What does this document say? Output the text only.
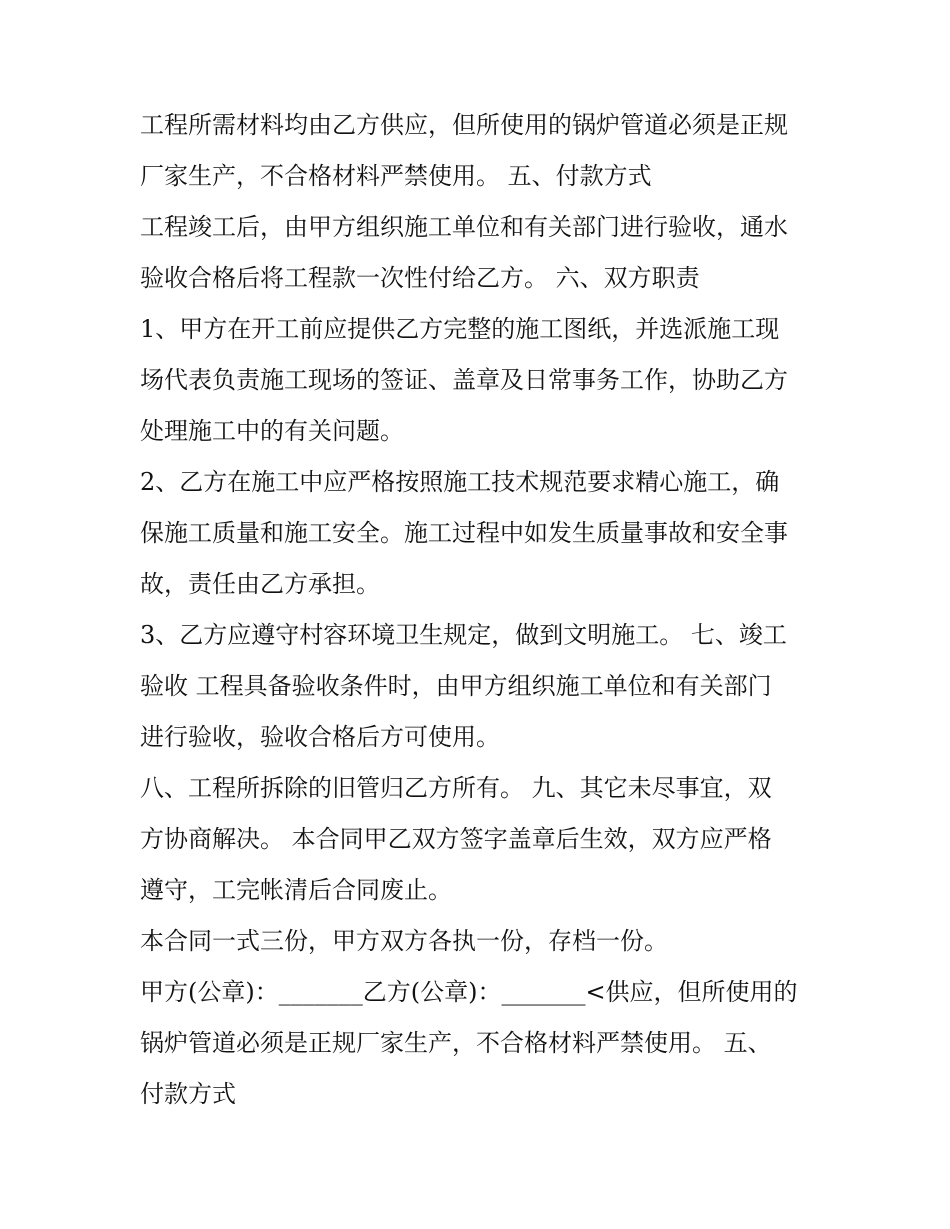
工程所需材料均由乙方供应，但所使用的锅炉管道必须是正规
厂家生产，不合格材料严禁使用。 五、付款方式
工程竣工后，由甲方组织施工单位和有关部门进行验收，通水
验收合格后将工程款一次性付给乙方。 六、双方职责
1、甲方在开工前应提供乙方完整的施工图纸，并选派施工现
场代表负责施工现场的签证、盖章及日常事务工作，协助乙方
处理施工中的有关问题。
2、乙方在施工中应严格按照施工技术规范要求精心施工，确
保施工质量和施工安全。施工过程中如发生质量事故和安全事
故，责任由乙方承担。
3、乙方应遵守村容环境卫生规定，做到文明施工。 七、竣工
验收 工程具备验收条件时，由甲方组织施工单位和有关部门
进行验收，验收合格后方可使用。
八、工程所拆除的旧管归乙方所有。 九、其它未尽事宜，双
方协商解决。 本合同甲乙双方签字盖章后生效，双方应严格
遵守，工完帐清后合同废止。
本合同一式三份，甲方双方各执一份，存档一份。
甲方(公章)：_______乙方(公章)：_______<供应，但所使用的
锅炉管道必须是正规厂家生产，不合格材料严禁使用。 五、
付款方式
